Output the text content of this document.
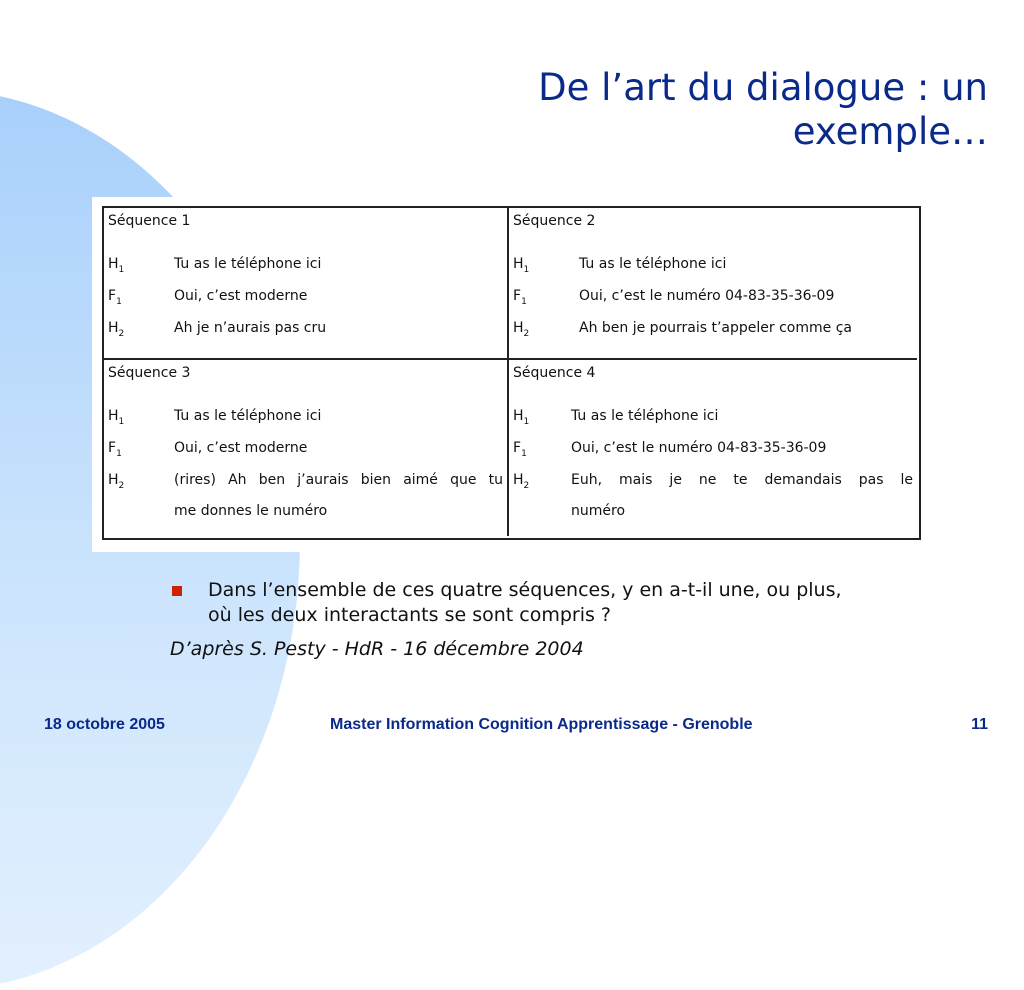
De l’art du dialogue : un
exemple…
Séquence 1
$H_1$	Tu as le téléphone ici
$F_1$	Oui, c’est moderne
$H_2$	Ah je n’aurais pas cru
Séquence 2
$H_1$	Tu as le téléphone ici
$F_1$	Oui, c’est le numéro 04-83-35-36-09
$H_2$	Ah ben je pourrais t’appeler comme ça
Séquence 3
$H_1$	Tu as le téléphone ici
$F_1$	Oui, c’est moderne
$H_2$	(rires) Ah ben j’aurais bien aimé que tu
me donnes le numéro
Séquence 4
$H_1$	Tu as le téléphone ici
$F_1$	Oui, c’est le numéro 04-83-35-36-09
$H_2$	Euh, mais je ne te demandais pas le
numéro
Dans l’ensemble de ces quatre séquences, y en a-t-il une, ou plus,
où les deux interactants se sont compris ?
D’après S. Pesty - HdR - 16 décembre 2004
18 octobre 2005	Master Information Cognition Apprentissage - Grenoble	11
